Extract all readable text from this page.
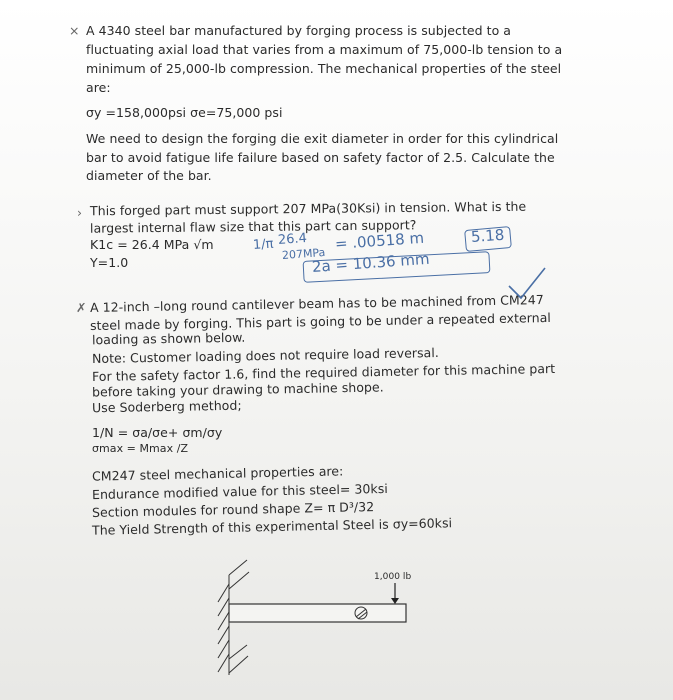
⨯ A 4340 steel bar manufactured by forging process is subjected to a
fluctuating axial load that varies from a maximum of 75,000-lb tension to a
minimum of 25,000-lb compression. The mechanical properties of the steel
are:
σy =158,000psi σe=75,000 psi
We need to design the forging die exit diameter in order for this cylindrical
bar to avoid fatigue life failure based on safety factor of 2.5. Calculate the
diameter of the bar.
› This forged part must support 207 MPa(30Ksi) in tension. What is the
largest internal flaw size that this part can support?
K1c = 26.4 MPa √m
Y=1.0
1/π 26.4
207MPa
= .00518 m	5.18
2a = 10.36 mm
✗ A 12-inch –long round cantilever beam has to be machined from CM247
steel made by forging. This part is going to be under a repeated external
loading as shown below.
Note: Customer loading does not require load reversal.
For the safety factor 1.6, find the required diameter for this machine part
before taking your drawing to machine shope.
Use Soderberg method;
1/N = σa/σe+ σm/σy
σmax = Mmax /Z
CM247 steel mechanical properties are:
Endurance modified value for this steel= 30ksi
Section modules for round shape Z= π D³/32
The Yield Strength of this experimental Steel is σy=60ksi
1,000 lb
